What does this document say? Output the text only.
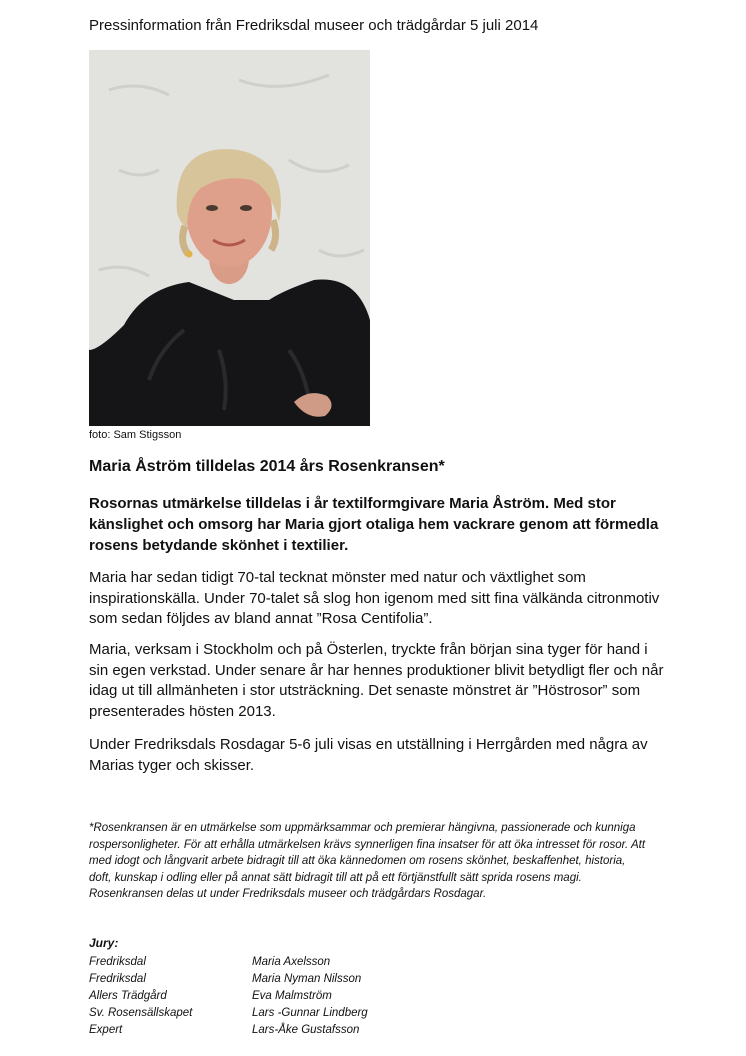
Pressinformation från Fredriksdal museer och trädgårdar 5 juli 2014
foto: Sam Stigsson
Maria Åström tilldelas 2014 års Rosenkransen*
Rosornas utmärkelse tilldelas i år textilformgivare Maria Åström. Med stor känslighet och omsorg har Maria gjort otaliga hem vackrare genom att förmedla rosens betydande skönhet i textilier.
Maria har sedan tidigt 70-tal tecknat mönster med natur och växtlighet som inspirationskälla. Under 70-talet så slog hon igenom med sitt fina välkända citronmotiv som sedan följdes av bland annat ”Rosa Centifolia”.
Maria, verksam i Stockholm och på Österlen, tryckte från början sina tyger för hand i sin egen verkstad. Under senare år har hennes produktioner blivit betydligt fler och når idag ut till allmänheten i stor utsträckning. Det senaste mönstret är ”Höstrosor” som presenterades hösten 2013.
Under Fredriksdals Rosdagar 5-6 juli visas en utställning i Herrgården med några av Marias tyger och skisser.
*Rosenkransen är en utmärkelse som uppmärksammar och premierar hängivna, passionerade och kunniga rospersonligheter. För att erhålla utmärkelsen krävs synnerligen fina insatser för att öka intresset för rosor. Att med idogt och långvarit arbete bidragit till att öka kännedomen om rosens skönhet, beskaffenhet, historia, doft, kunskap i odling eller på annat sätt bidragit till att på ett förtjänstfullt sätt sprida rosens magi. Rosenkransen delas ut under Fredriksdals museer och trädgårdars Rosdagar.
Jury:
Fredriksdal	Maria Axelsson
Fredriksdal	Maria Nyman Nilsson
Allers Trädgård	Eva Malmström
Sv. Rosensällskapet	Lars -Gunnar Lindberg
Expert	Lars-Åke Gustafsson
